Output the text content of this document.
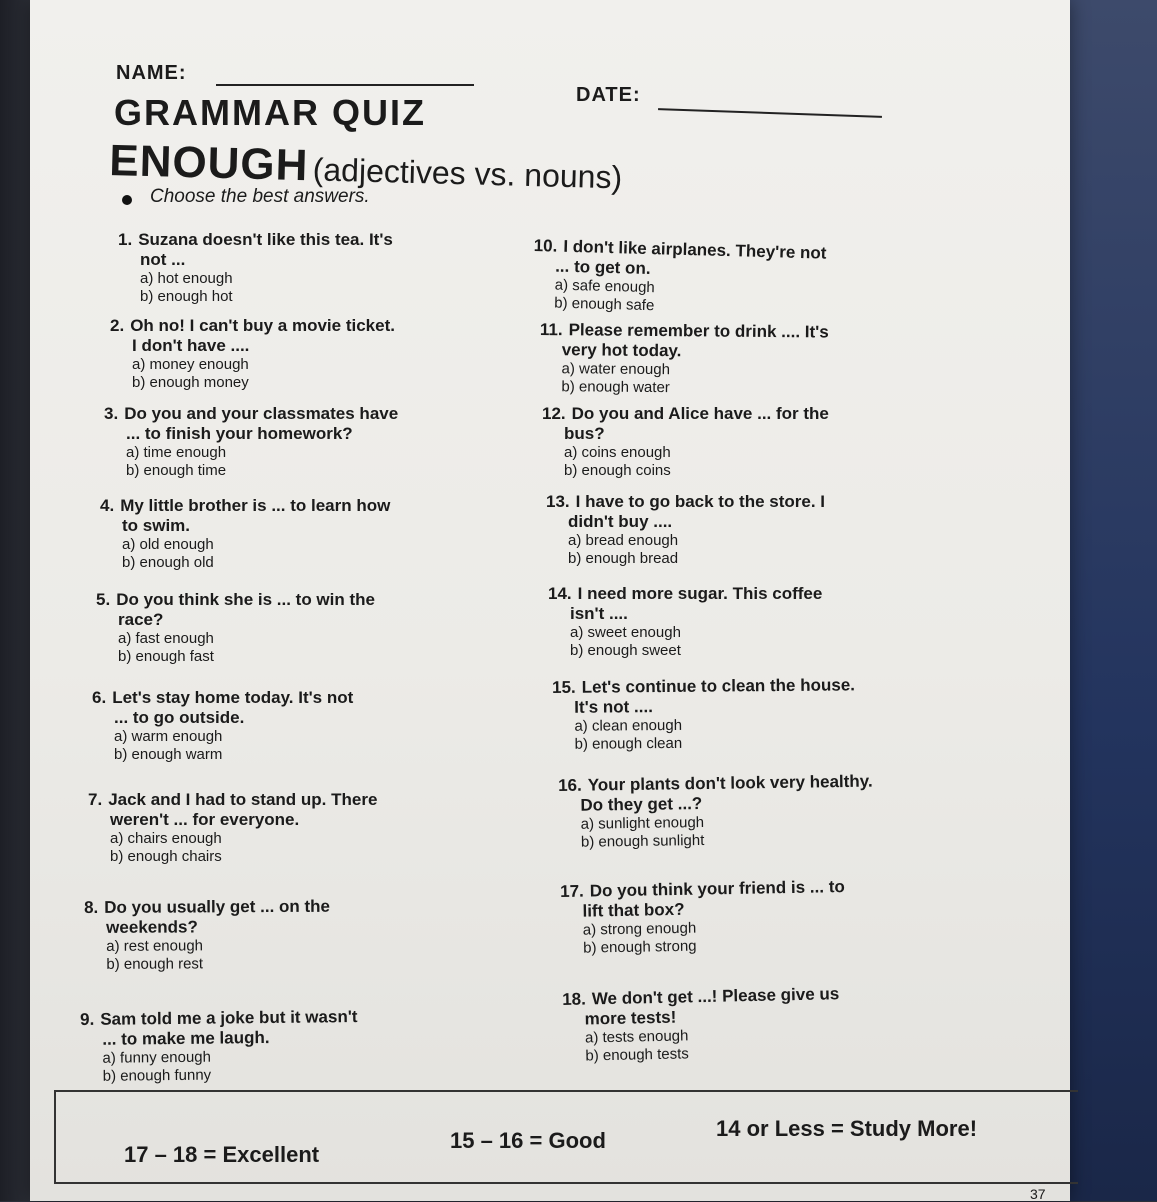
NAME:
DATE:
GRAMMAR QUIZ
ENOUGH (adjectives vs. nouns)
Choose the best answers.
1. Suzana doesn't like this tea. It's
not ...
a) hot enough
b) enough hot
2. Oh no! I can't buy a movie ticket.
I don't have ....
a) money enough
b) enough money
3. Do you and your classmates have
... to finish your homework?
a) time enough
b) enough time
4. My little brother is ... to learn how
to swim.
a) old enough
b) enough old
5. Do you think she is ... to win the
race?
a) fast enough
b) enough fast
6. Let's stay home today. It's not
... to go outside.
a) warm enough
b) enough warm
7. Jack and I had to stand up. There
weren't ... for everyone.
a) chairs enough
b) enough chairs
8. Do you usually get ... on the
weekends?
a) rest enough
b) enough rest
9. Sam told me a joke but it wasn't
... to make me laugh.
a) funny enough
b) enough funny
10. I don't like airplanes. They're not
... to get on.
a) safe enough
b) enough safe
11. Please remember to drink .... It's
very hot today.
a) water enough
b) enough water
12. Do you and Alice have ... for the
bus?
a) coins enough
b) enough coins
13. I have to go back to the store. I
didn't buy ....
a) bread enough
b) enough bread
14. I need more sugar. This coffee
isn't ....
a) sweet enough
b) enough sweet
15. Let's continue to clean the house.
It's not ....
a) clean enough
b) enough clean
16. Your plants don't look very healthy.
Do they get ...?
a) sunlight enough
b) enough sunlight
17. Do you think your friend is ... to
lift that box?
a) strong enough
b) enough strong
18. We don't get ...! Please give us
more tests!
a) tests enough
b) enough tests
17 – 18 = Excellent
15 – 16 = Good	14 or Less = Study More!
37
